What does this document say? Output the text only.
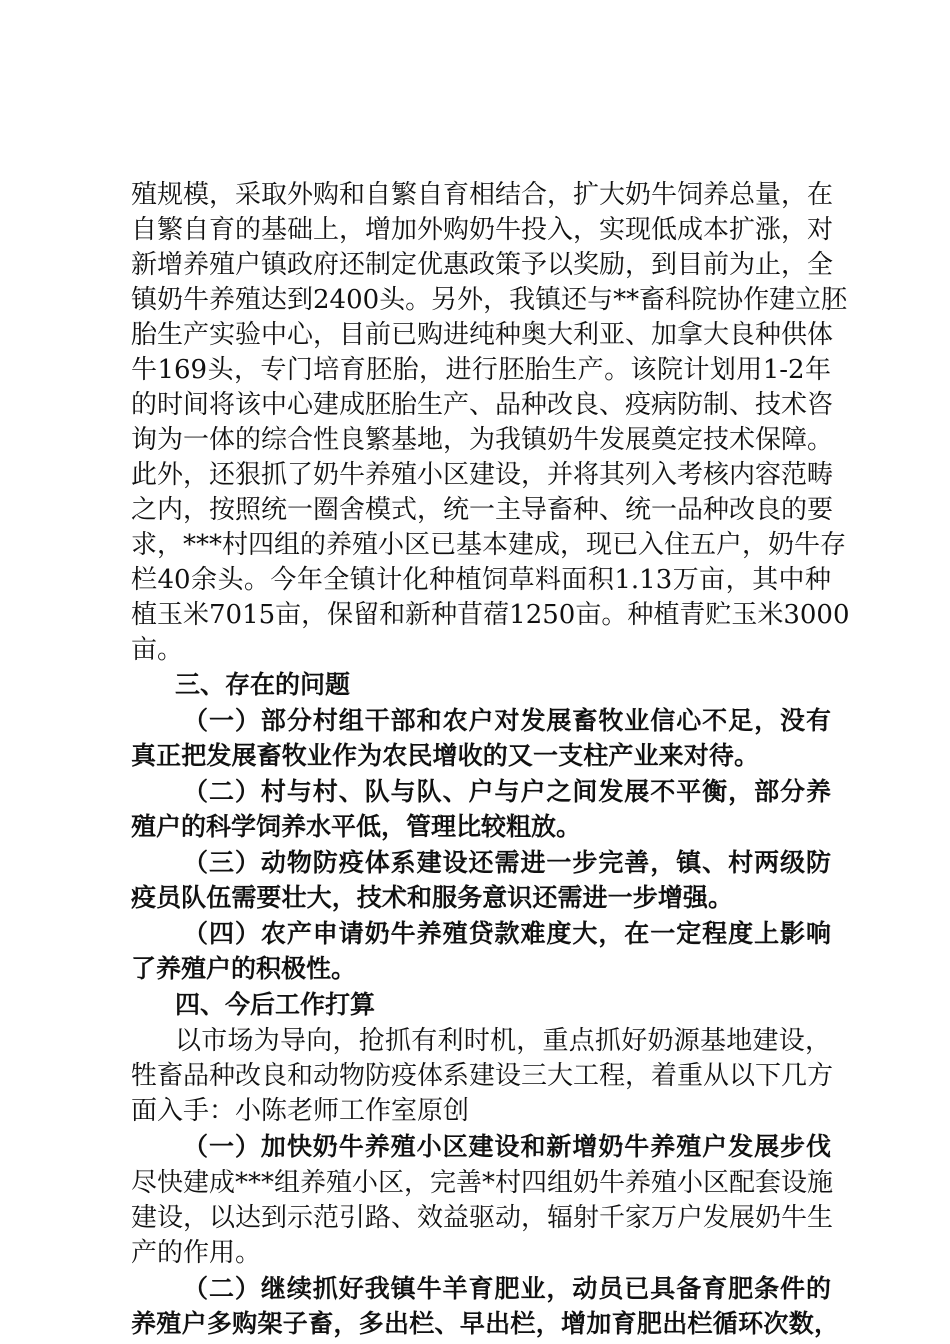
殖规模，采取外购和自繁自育相结合，扩大奶牛饲养总量，在
自繁自育的基础上，增加外购奶牛投入，实现低成本扩涨，对
新增养殖户镇政府还制定优惠政策予以奖励，到目前为止，全
镇奶牛养殖达到2400头。另外，我镇还与**畜科院协作建立胚
胎生产实验中心，目前已购进纯种奥大利亚、加拿大良种供体
牛169头，专门培育胚胎，进行胚胎生产。该院计划用1-2年
的时间将该中心建成胚胎生产、品种改良、疫病防制、技术咨
询为一体的综合性良繁基地，为我镇奶牛发展奠定技术保障。
此外，还狠抓了奶牛养殖小区建设，并将其列入考核内容范畴
之内，按照统一圈舍模式，统一主导畜种、统一品种改良的要
求，***村四组的养殖小区已基本建成，现已入住五户，奶牛存
栏40余头。今年全镇计化种植饲草料面积1.13万亩，其中种
植玉米7015亩，保留和新种苜蓿1250亩。种植青贮玉米3000
亩。
三、存在的问题
（一）部分村组干部和农户对发展畜牧业信心不足，没有
真正把发展畜牧业作为农民增收的又一支柱产业来对待。
（二）村与村、队与队、户与户之间发展不平衡，部分养
殖户的科学饲养水平低，管理比较粗放。
（三）动物防疫体系建设还需进一步完善，镇、村两级防
疫员队伍需要壮大，技术和服务意识还需进一步增强。
（四）农产申请奶牛养殖贷款难度大，在一定程度上影响
了养殖户的积极性。
四、今后工作打算
以市场为导向，抢抓有利时机，重点抓好奶源基地建设，
牲畜品种改良和动物防疫体系建设三大工程，着重从以下几方
面入手：小陈老师工作室原创
（一）加快奶牛养殖小区建设和新增奶牛养殖户发展步伐
尽快建成***组养殖小区，完善*村四组奶牛养殖小区配套设施
建设，以达到示范引路、效益驱动，辐射千家万户发展奶牛生
产的作用。
（二）继续抓好我镇牛羊育肥业，动员已具备育肥条件的
养殖户多购架子畜，多出栏、早出栏，增加育肥出栏循环次数，
